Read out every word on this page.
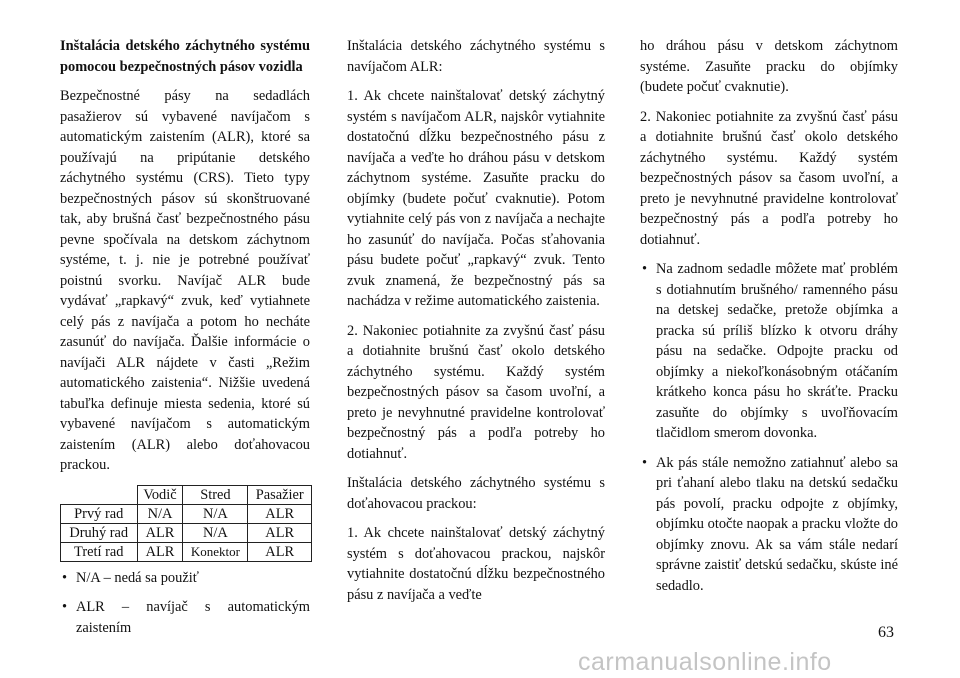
Inštalácia detského záchytného systému pomocou bezpečnostných pásov vozidla

Bezpečnostné pásy na sedadlách pasažierov sú vybavené navíjačom s automatickým zaistením (ALR), ktoré sa používajú na pripútanie detského záchytného systému (CRS). Tieto typy bezpečnostných pásov sú skonštruované tak, aby brušná časť bezpečnostného pásu pevne spočívala na detskom záchytnom systéme, t. j. nie je potrebné používať poistnú svorku. Navíjač ALR bude vydávať „rapkavý“ zvuk, keď vytiahnete celý pás z navíjača a potom ho necháte zasunúť do navíjača. Ďalšie informácie o navíjači ALR nájdete v časti „Režim automatického zaistenia“. Nižšie uvedená tabuľka definuje miesta sedenia, ktoré sú vybavené navíjačom s automatickým zaistením (ALR) alebo doťahovacou prackou.

	Vodič	Stred	Pasažier
Prvý rad	N/A	N/A	ALR
Druhý rad	ALR	N/A	ALR
Tretí rad	ALR	Konektor	ALR
• N/A – nedá sa použiť
• ALR – navíjač s automatickým zaistením

Inštalácia detského záchytného systému s navíjačom ALR:

1. Ak chcete nainštalovať detský záchytný systém s navíjačom ALR, najskôr vytiahnite dostatočnú dĺžku bezpečnostného pásu z navíjača a veďte ho dráhou pásu v detskom záchytnom systéme. Zasuňte pracku do objímky (budete počuť cvaknutie). Potom vytiahnite celý pás von z navíjača a nechajte ho zasunúť do navíjača. Počas sťahovania pásu budete počuť „rapkavý“ zvuk. Tento zvuk znamená, že bezpečnostný pás sa nachádza v režime automatického zaistenia.

2. Nakoniec potiahnite za zvyšnú časť pásu a dotiahnite brušnú časť okolo detského záchytného systému. Každý systém bezpečnostných pásov sa časom uvoľní, a preto je nevyhnutné pravidelne kontrolovať bezpečnostný pás a podľa potreby ho dotiahnuť.

Inštalácia detského záchytného systému s doťahovacou prackou:

1. Ak chcete nainštalovať detský záchytný systém s doťahovacou prackou, najskôr vytiahnite dostatočnú dĺžku bezpečnostného pásu z navíjača a veďte

ho dráhou pásu v detskom záchytnom systéme. Zasuňte pracku do objímky (budete počuť cvaknutie).

2. Nakoniec potiahnite za zvyšnú časť pásu a dotiahnite brušnú časť okolo detského záchytného systému. Každý systém bezpečnostných pásov sa časom uvoľní, a preto je nevyhnutné pravidelne kontrolovať bezpečnostný pás a podľa potreby ho dotiahnuť.

• Na zadnom sedadle môžete mať problém s dotiahnutím brušného/ ramenného pásu na detskej sedačke, pretože objímka a pracka sú príliš blízko k otvoru dráhy pásu na sedačke. Odpojte pracku od objímky a niekoľkonásobným otáčaním krátkeho konca pásu ho skráťte. Pracku zasuňte do objímky s uvoľňovacím tlačidlom smerom dovonka.
• Ak pás stále nemožno zatiahnuť alebo sa pri ťahaní alebo tlaku na detskú sedačku pás povolí, pracku odpojte z objímky, objímku otočte naopak a pracku vložte do objímky znovu. Ak sa vám stále nedarí správne zaistiť detskú sedačku, skúste iné sedadlo.
63
carmanualsonline.info
